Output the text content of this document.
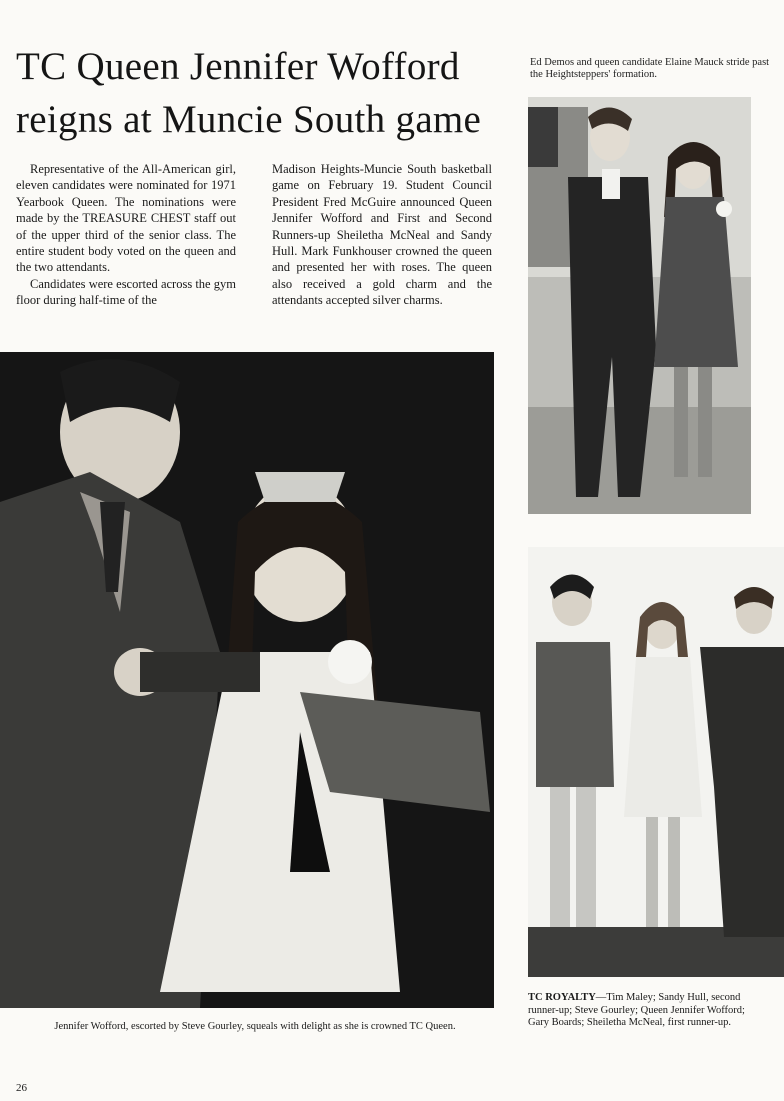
TC Queen Jennifer Wofford
reigns at Muncie South game

Representative of the All-American girl, eleven candidates were nominated for 1971 Yearbook Queen. The nominations were made by the TREASURE CHEST staff out of the upper third of the senior class. The entire student body voted on the queen and the two attendants.

Candidates were escorted across the gym floor during half-time of the

Madison Heights-Muncie South basketball game on February 19. Student Council President Fred McGuire announced Queen Jennifer Wofford and First and Second Runners-up Sheiletha McNeal and Sandy Hull. Mark Funkhouser crowned the queen and presented her with roses. The queen also received a gold charm and the attendants accepted silver charms.

Ed Demos and queen candidate Elaine Mauck stride past the Heightsteppers' formation.
Jennifer Wofford, escorted by Steve Gourley, squeals with delight as she is crowned TC Queen.
TC ROYALTY—Tim Maley; Sandy Hull, second runner-up; Steve Gourley; Queen Jennifer Wofford; Gary Boards; Sheiletha McNeal, first runner-up.
26
